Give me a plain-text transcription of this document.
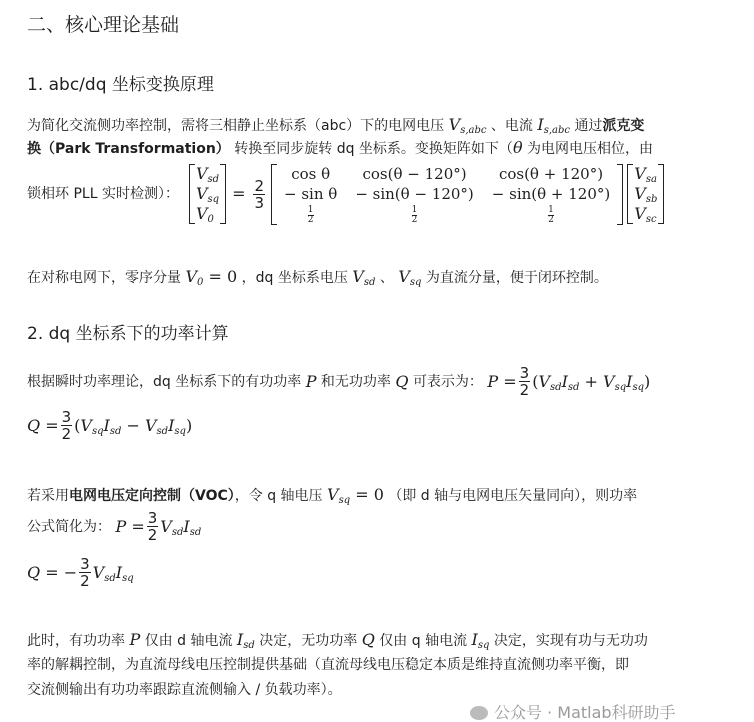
二、核心理论基础
1. abc/dq 坐标变换原理
为简化交流侧功率控制，需将三相静止坐标系（abc）下的电网电压 $V_{s,abc}$ 、电流 $I_{s,abc}$ 通过派克变
换（Park Transformation） 转换至同步旋转 dq 坐标系。变换矩阵如下（θ 为电网电压相位，由
锁相环 PLL 实时检测）：
$V_{sd}$
$V_{sq}$
$V_0$
= $\frac{2}{3}$
cos θ	cos(θ − 120°)	cos(θ + 120°)
− sin θ	− sin(θ − 120°)	− sin(θ + 120°)

$\frac{1}{2}$	$\frac{1}{2}$	$\frac{1}{2}$
$V_{sa}$
$V_{sb}$
$V_{sc}$
在对称电网下，零序分量 $V_0 = 0$ ，dq 坐标系电压 $V_{sd}$ 、 $V_{sq}$ 为直流分量，便于闭环控制。
2. dq 坐标系下的功率计算
根据瞬时功率理论，dq 坐标系下的有功功率
P
和无功功率
Q
可表示为：
$P = \frac{3}{2} (V_{sd}I_{sd} + V_{sq}I_{sq})$
$Q = \frac{3}{2} (V_{sq}I_{sd} - V_{sd}I_{sq})$
若采用电网电压定向控制（VOC），令 q 轴电压 $V_{sq} = 0$ （即 d 轴与电网电压矢量同向），则功率
公式简化为：
$P = \frac{3}{2} V_{sd}I_{sd}$
Q = − $\frac{3}{2} V_{sd}I_{sq}$
此时，有功功率 P 仅由 d 轴电流 $I_{sd}$ 决定，无功功率 Q 仅由 q 轴电流 $I_{sq}$ 决定，实现有功与无功功
率的解耦控制，为直流母线电压控制提供基础（直流母线电压稳定本质是维持直流侧功率平衡，即
交流侧输出有功功率跟踪直流侧输入 / 负载功率）。
公众号 · Matlab科研助手
